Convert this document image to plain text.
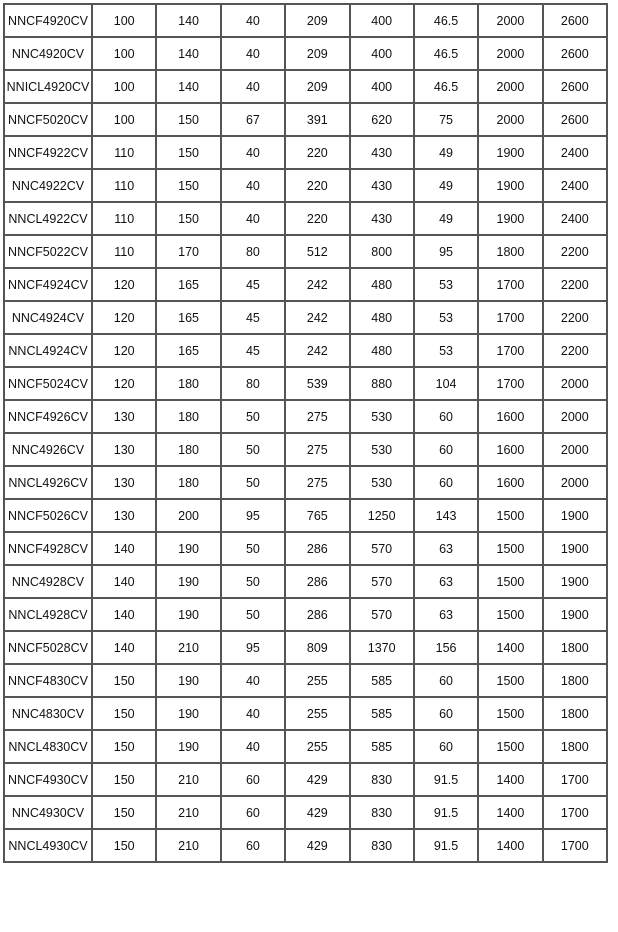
NNCF4920CV	100	140	40	209	400	46.5	2000	2600
NNC4920CV	100	140	40	209	400	46.5	2000	2600
NNICL4920CV	100	140	40	209	400	46.5	2000	2600
NNCF5020CV	100	150	67	391	620	75	2000	2600
NNCF4922CV	110	150	40	220	430	49	1900	2400
NNC4922CV	110	150	40	220	430	49	1900	2400
NNCL4922CV	110	150	40	220	430	49	1900	2400
NNCF5022CV	110	170	80	512	800	95	1800	2200
NNCF4924CV	120	165	45	242	480	53	1700	2200
NNC4924CV	120	165	45	242	480	53	1700	2200
NNCL4924CV	120	165	45	242	480	53	1700	2200
NNCF5024CV	120	180	80	539	880	104	1700	2000
NNCF4926CV	130	180	50	275	530	60	1600	2000
NNC4926CV	130	180	50	275	530	60	1600	2000
NNCL4926CV	130	180	50	275	530	60	1600	2000
NNCF5026CV	130	200	95	765	1250	143	1500	1900
NNCF4928CV	140	190	50	286	570	63	1500	1900
NNC4928CV	140	190	50	286	570	63	1500	1900
NNCL4928CV	140	190	50	286	570	63	1500	1900
NNCF5028CV	140	210	95	809	1370	156	1400	1800
NNCF4830CV	150	190	40	255	585	60	1500	1800
NNC4830CV	150	190	40	255	585	60	1500	1800
NNCL4830CV	150	190	40	255	585	60	1500	1800
NNCF4930CV	150	210	60	429	830	91.5	1400	1700
NNC4930CV	150	210	60	429	830	91.5	1400	1700
NNCL4930CV	150	210	60	429	830	91.5	1400	1700
